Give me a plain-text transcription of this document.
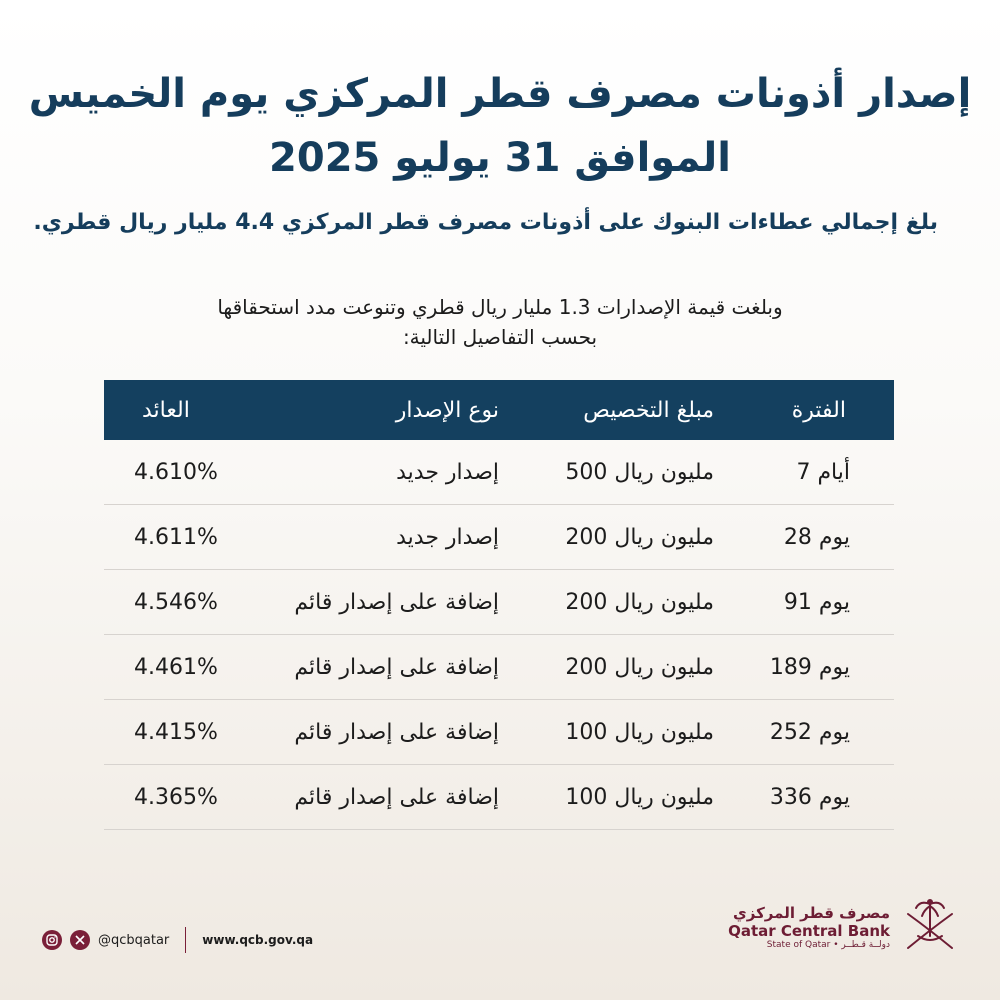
إصدار أذونات مصرف قطر المركزي يوم الخميس
الموافق 31 يوليو 2025
بلغ إجمالي عطاءات البنوك على أذونات مصرف قطر المركزي 4.4 مليار ريال قطري.
وبلغت قيمة الإصدارات 1.3 مليار ريال قطري وتنوعت مدد استحقاقها
بحسب التفاصيل التالية:
الفترة
مبلغ التخصيص
نوع الإصدار
العائد
7 أيام
500 مليون ريال
إصدار جديد
4.610%
28 يوم
200 مليون ريال
إصدار جديد
4.611%
91 يوم
200 مليون ريال
إضافة على إصدار قائم
4.546%
189 يوم
200 مليون ريال
إضافة على إصدار قائم
4.461%
252 يوم
100 مليون ريال
إضافة على إصدار قائم
4.415%
336 يوم
100 مليون ريال
إضافة على إصدار قائم
4.365%
@qcbqatar	www.qcb.gov.qa
مصرف قطر المركزي
Qatar Central Bank
State of Qatar • دولــة قـطــر
